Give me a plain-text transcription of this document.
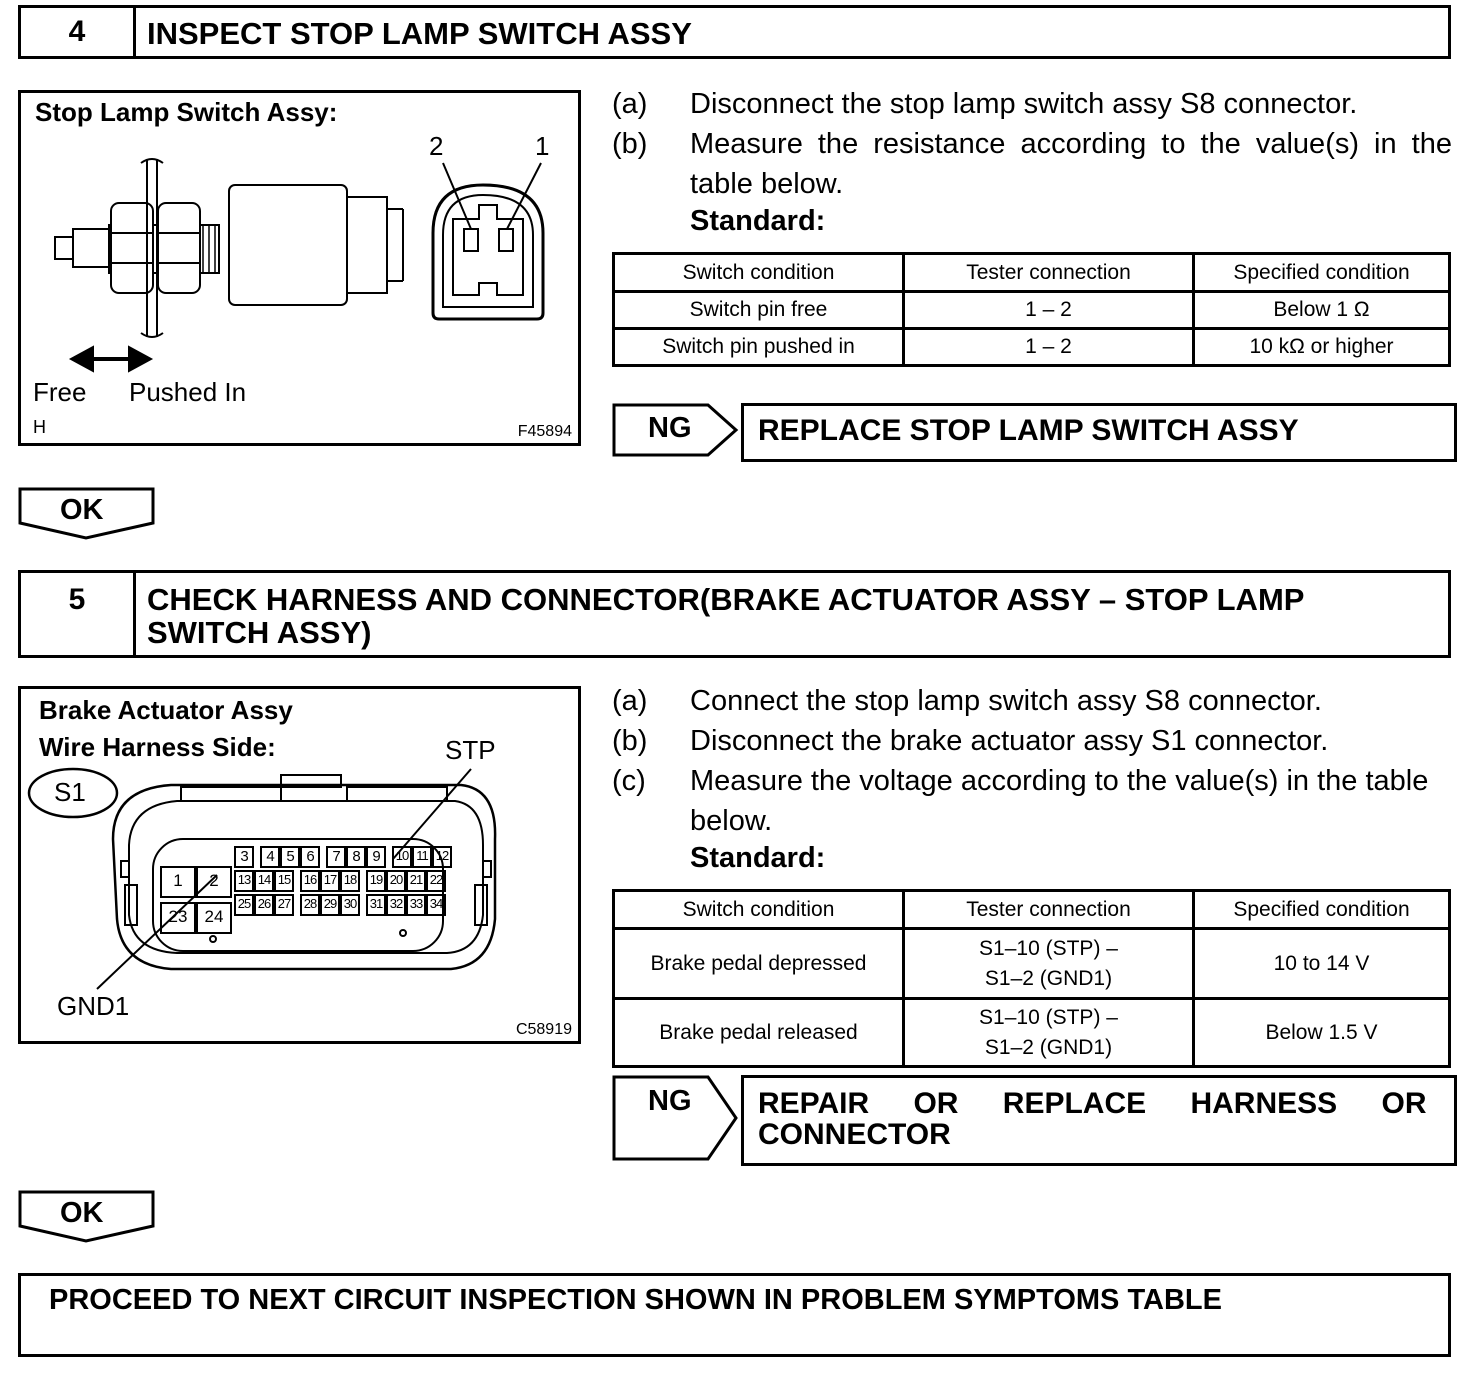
4	INSPECT STOP LAMP SWITCH ASSY
Stop Lamp Switch Assy:
2	1
Free Pushed In
H	F45894
(a) Disconnect the stop lamp switch assy S8 connector.
(b) Measure the resistance according to the value(s) in the table below.
Standard:
Switch condition	Tester connection	Specified condition
Switch pin free	1 – 2	Below 1 Ω
Switch pin pushed in	1 – 2	10 kΩ or higher
NG REPLACE STOP LAMP SWITCH ASSY
OK
5	CHECK HARNESS AND CONNECTOR(BRAKE ACTUATOR ASSY – STOP LAMP
SWITCH ASSY)
Brake Actuator Assy
Wire Harness Side:
S1
STP
GND1
C58919
3	4 5 6	7 8 9	10 11 12
13 14 15 16 17 18 19 20 21 22
25 26 27 28 29 30 31 32 33 34
1	2
23 24
(a) Connect the stop lamp switch assy S8 connector.
(b) Disconnect the brake actuator assy S1 connector.
(c) Measure the voltage according to the value(s) in the table below.
Standard:
Switch condition	Tester connection	Specified condition
Brake pedal depressed	S1–10 (STP) –
S1–2 (GND1)	10 to 14 V
Brake pedal released	S1–10 (STP) –
S1–2 (GND1)	Below 1.5 V
NG REPAIR OR REPLACE HARNESS OR
CONNECTOR
OK
PROCEED TO NEXT CIRCUIT INSPECTION SHOWN IN PROBLEM SYMPTOMS TABLE
